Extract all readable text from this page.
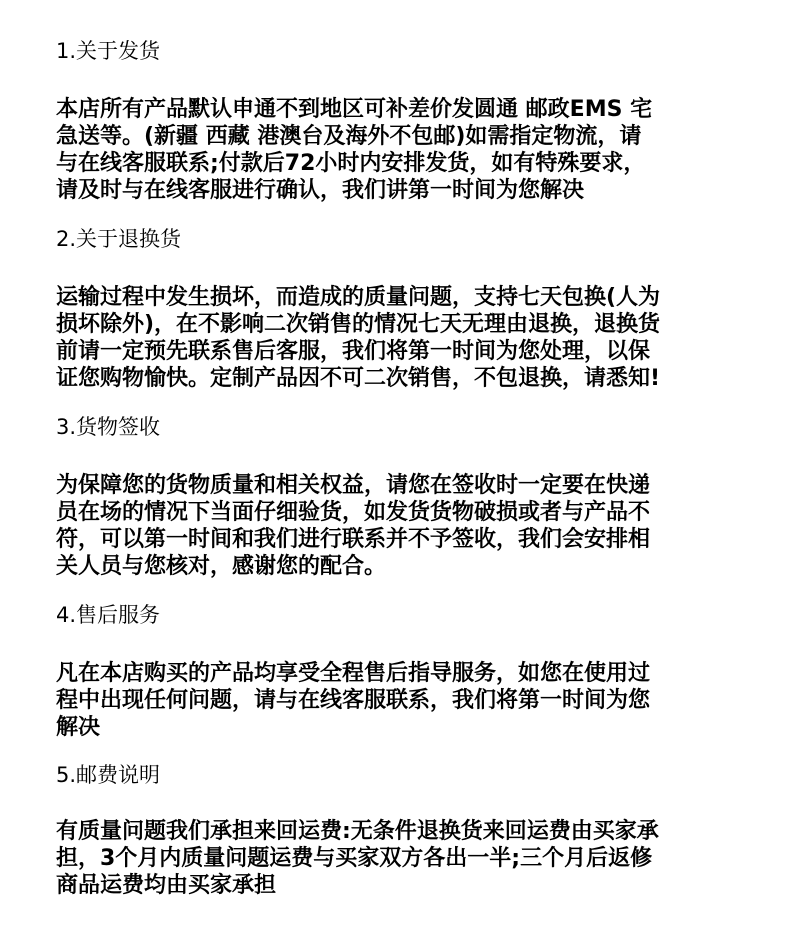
1.关于发货
本店所有产品默认申通不到地区可补差价发圆通 邮政EMS 宅
急送等。(新疆 西藏 港澳台及海外不包邮)如需指定物流，请
与在线客服联系;付款后72小时内安排发货，如有特殊要求，
请及时与在线客服进行确认，我们讲第一时间为您解决
2.关于退换货
运输过程中发生损坏，而造成的质量问题，支持七天包换(人为
损坏除外)，在不影响二次销售的情况七天无理由退换，退换货
前请一定预先联系售后客服，我们将第一时间为您处理，以保
证您购物愉快。定制产品因不可二次销售，不包退换，请悉知!
3.货物签收
为保障您的货物质量和相关权益，请您在签收时一定要在快递
员在场的情况下当面仔细验货，如发货货物破损或者与产品不
符，可以第一时间和我们进行联系并不予签收，我们会安排相
关人员与您核对，感谢您的配合。
4.售后服务
凡在本店购买的产品均享受全程售后指导服务，如您在使用过
程中出现任何问题，请与在线客服联系，我们将第一时间为您
解决
5.邮费说明
有质量问题我们承担来回运费:无条件退换货来回运费由买家承
担，3个月内质量问题运费与买家双方各出一半;三个月后返修
商品运费均由买家承担
